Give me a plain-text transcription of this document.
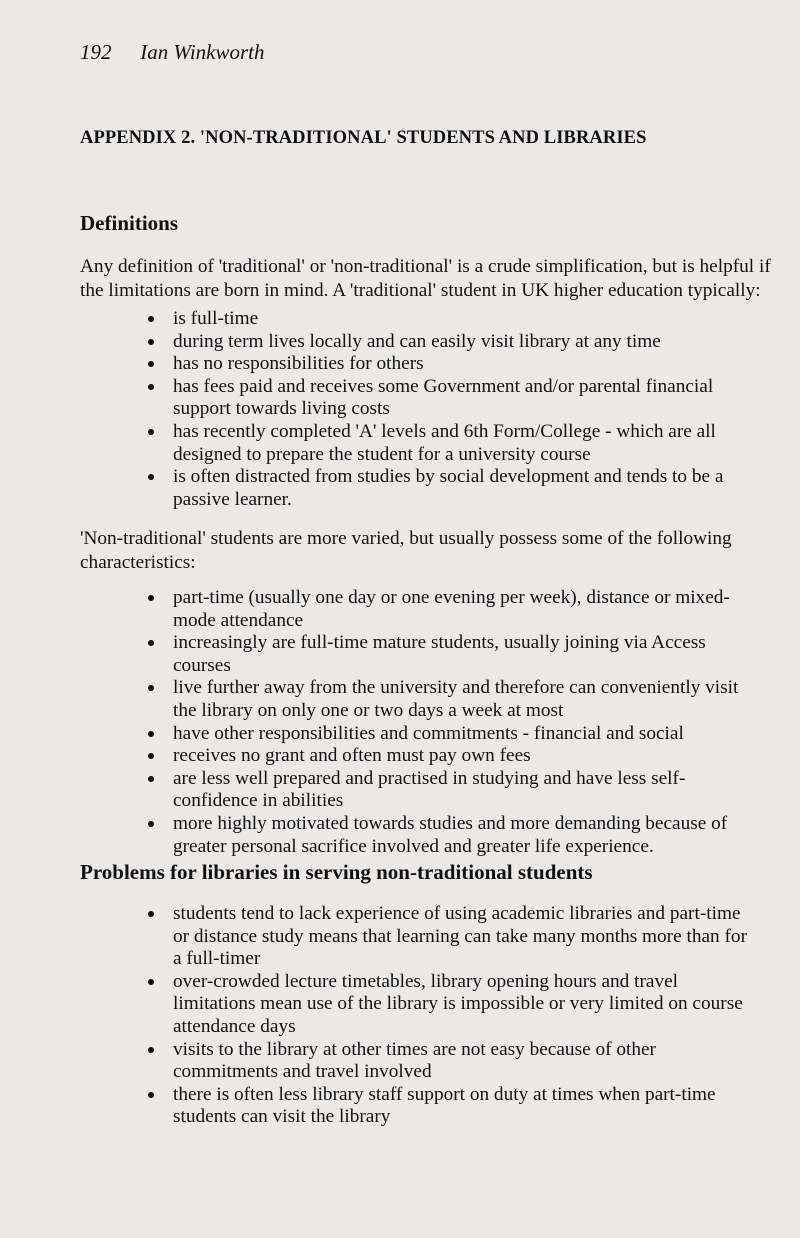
192 Ian Winkworth
APPENDIX 2. 'NON-TRADITIONAL' STUDENTS AND LIBRARIES
Definitions

Any definition of 'traditional' or 'non-traditional' is a crude simplification, but is helpful if the limitations are born in mind. A 'traditional' student in UK higher education typically:

is full-time
during term lives locally and can easily visit library at any time
has no responsibilities for others
has fees paid and receives some Government and/or parental financial support towards living costs
has recently completed 'A' levels and 6th Form/College - which are all designed to prepare the student for a university course
is often distracted from studies by social development and tends to be a passive learner.

'Non-traditional' students are more varied, but usually possess some of the following characteristics:

part-time (usually one day or one evening per week), distance or mixed-mode attendance
increasingly are full-time mature students, usually joining via Access courses
live further away from the university and therefore can conveniently visit the library on only one or two days a week at most
have other responsibilities and commitments - financial and social
receives no grant and often must pay own fees
are less well prepared and practised in studying and have less self-confidence in abilities
more highly motivated towards studies and more demanding because of greater personal sacrifice involved and greater life experience.
Problems for libraries in serving non-traditional students
students tend to lack experience of using academic libraries and part-time or distance study means that learning can take many months more than for a full-timer
over-crowded lecture timetables, library opening hours and travel limitations mean use of the library is impossible or very limited on course attendance days
visits to the library at other times are not easy because of other commitments and travel involved
there is often less library staff support on duty at times when part-time students can visit the library
